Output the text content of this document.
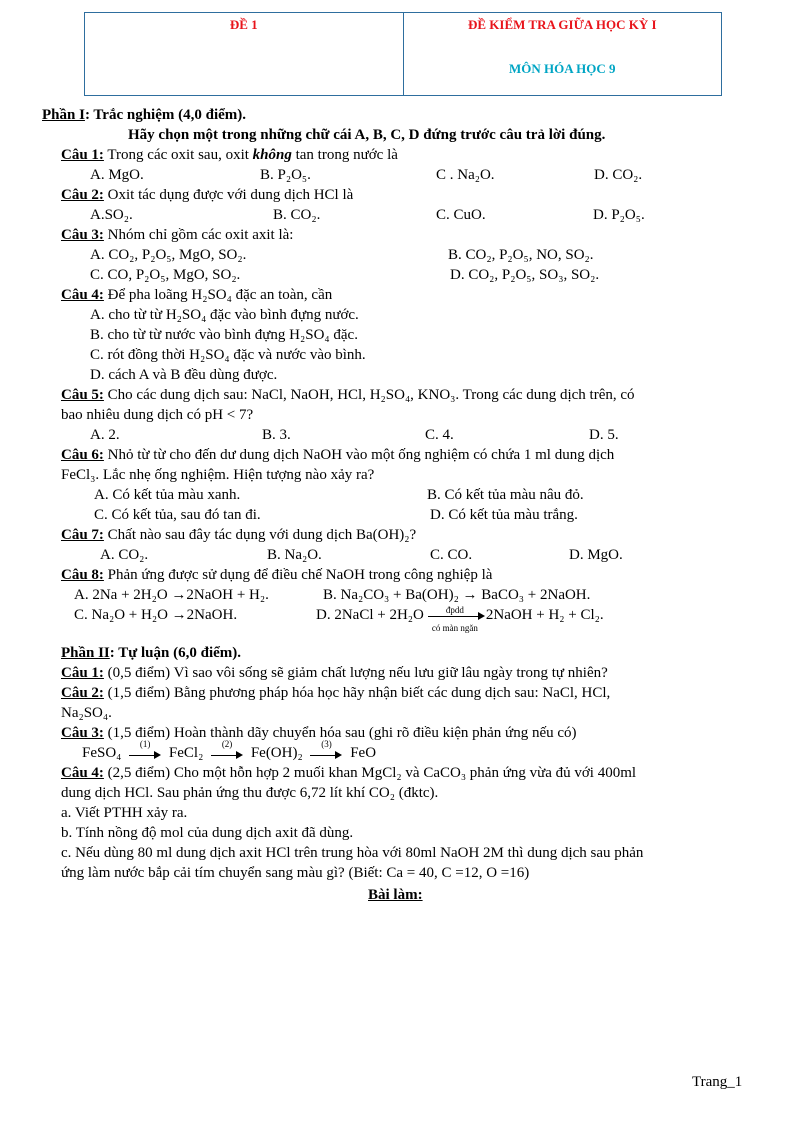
ĐỀ 1	ĐỀ KIỂM TRA GIỮA HỌC KỲ I
MÔN HÓA HỌC 9
Phần I: Trắc nghiệm (4,0 điểm).
Hãy chọn một trong những chữ cái A, B, C, D đứng trước câu trả lời đúng.
Câu 1: Trong các oxit sau, oxit không tan trong nước là
A. MgO.	B. P₂O₅.	C . Na₂O.	D. CO₂.
Câu 2: Oxit tác dụng được với dung dịch HCl là
A.SO₂.	B. CO₂.	C. CuO.	D. P₂O₅.
Câu 3: Nhóm chỉ gồm các oxit axit là:
A. CO₂, P₂O₅, MgO, SO₂.	B. CO₂, P₂O₅, NO, SO₂.
C. CO, P₂O₅, MgO, SO₂.	D. CO₂, P₂O₅, SO₃, SO₂.
Câu 4: Để pha loãng H₂SO₄ đặc an toàn, cần
A. cho từ từ H₂SO₄ đặc vào bình đựng nước.
B. cho từ từ nước vào bình đựng H₂SO₄ đặc.
C. rót đồng thời H₂SO₄ đặc và nước vào bình.
D. cách A và B đều dùng được.
Câu 5: Cho các dung dịch sau: NaCl, NaOH, HCl, H₂SO₄, KNO₃. Trong các dung dịch trên, có
bao nhiêu dung dịch có pH < 7?
A. 2.	B. 3.	C. 4.	D. 5.
Câu 6: Nhỏ từ từ cho đến dư dung dịch NaOH vào một ống nghiệm có chứa 1 ml dung dịch
FeCl₃. Lắc nhẹ ống nghiệm. Hiện tượng nào xảy ra?
A. Có kết tủa màu xanh.	B. Có kết tủa màu nâu đỏ.
C. Có kết tủa, sau đó tan đi.	D. Có kết tủa màu trắng.
Câu 7: Chất nào sau đây tác dụng với dung dịch Ba(OH)₂?
A. CO₂.	B. Na₂O.	C. CO.	D. MgO.
Câu 8: Phản ứng được sử dụng để điều chế NaOH trong công nghiệp là
A. 2Na + 2H₂O →2NaOH + H₂.	B. Na₂CO₃ + Ba(OH)₂ → BaCO₃ + 2NaOH.
C. Na₂O + H₂O →2NaOH.	D. 2NaCl + 2H₂O	đpdd
có màn ngăn
2NaOH + H₂ + Cl₂.
Phần II: Tự luận (6,0 điểm).
Câu 1: (0,5 điểm) Vì sao vôi sống sẽ giảm chất lượng nếu lưu giữ lâu ngày trong tự nhiên?
Câu 2: (1,5 điểm) Bằng phương pháp hóa học hãy nhận biết các dung dịch sau: NaCl, HCl,
Na₂SO₄.
Câu 3: (1,5 điểm) Hoàn thành dãy chuyển hóa sau (ghi rõ điều kiện phản ứng nếu có)
FeSO₄
(1)
FeCl₂
(2)
Fe(OH)₂
(3)
FeO
Câu 4: (2,5 điểm) Cho một hỗn hợp 2 muối khan MgCl₂ và CaCO₃ phản ứng vừa đủ với 400ml
dung dịch HCl. Sau phản ứng thu được 6,72 lít khí CO₂ (đktc).
a. Viết PTHH xảy ra.
b. Tính nồng độ mol của dung dịch axit đã dùng.
c. Nếu dùng 80 ml dung dịch axit HCl trên trung hòa với 80ml NaOH 2M thì dung dịch sau phản
ứng làm nước bắp cải tím chuyển sang màu gì? (Biết: Ca = 40, C =12, O =16)
Bài làm:
Trang_1
